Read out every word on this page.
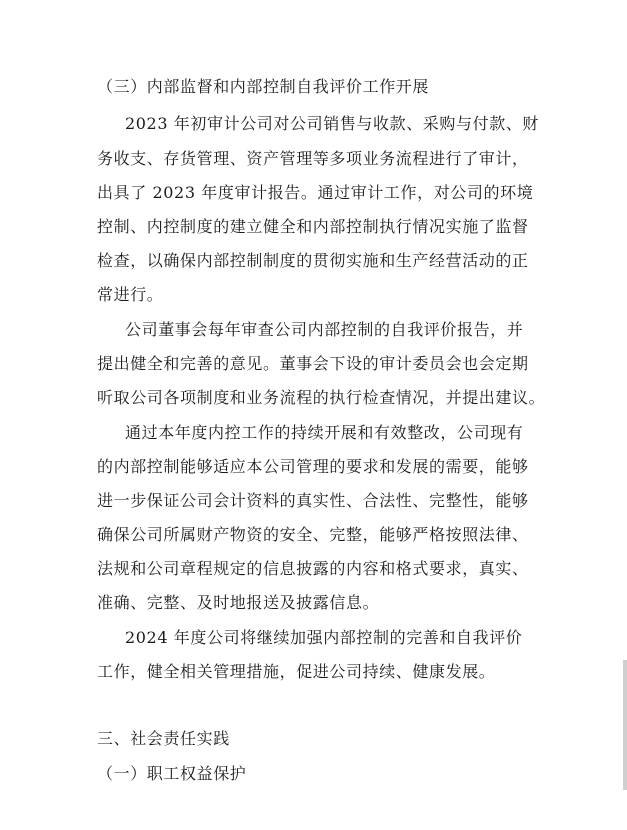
（三）内部监督和内部控制自我评价工作开展
2023 年初审计公司对公司销售与收款、采购与付款、财
务收支、存货管理、资产管理等多项业务流程进行了审计，
出具了 2023 年度审计报告。通过审计工作，对公司的环境
控制、内控制度的建立健全和内部控制执行情况实施了监督
检查，以确保内部控制制度的贯彻实施和生产经营活动的正
常进行。
公司董事会每年审查公司内部控制的自我评价报告，并
提出健全和完善的意见。董事会下设的审计委员会也会定期
听取公司各项制度和业务流程的执行检查情况，并提出建议。
通过本年度内控工作的持续开展和有效整改，公司现有
的内部控制能够适应本公司管理的要求和发展的需要，能够
进一步保证公司会计资料的真实性、合法性、完整性，能够
确保公司所属财产物资的安全、完整，能够严格按照法律、
法规和公司章程规定的信息披露的内容和格式要求，真实、
准确、完整、及时地报送及披露信息。
2024 年度公司将继续加强内部控制的完善和自我评价
工作，健全相关管理措施，促进公司持续、健康发展。
三、社会责任实践
（一）职工权益保护
